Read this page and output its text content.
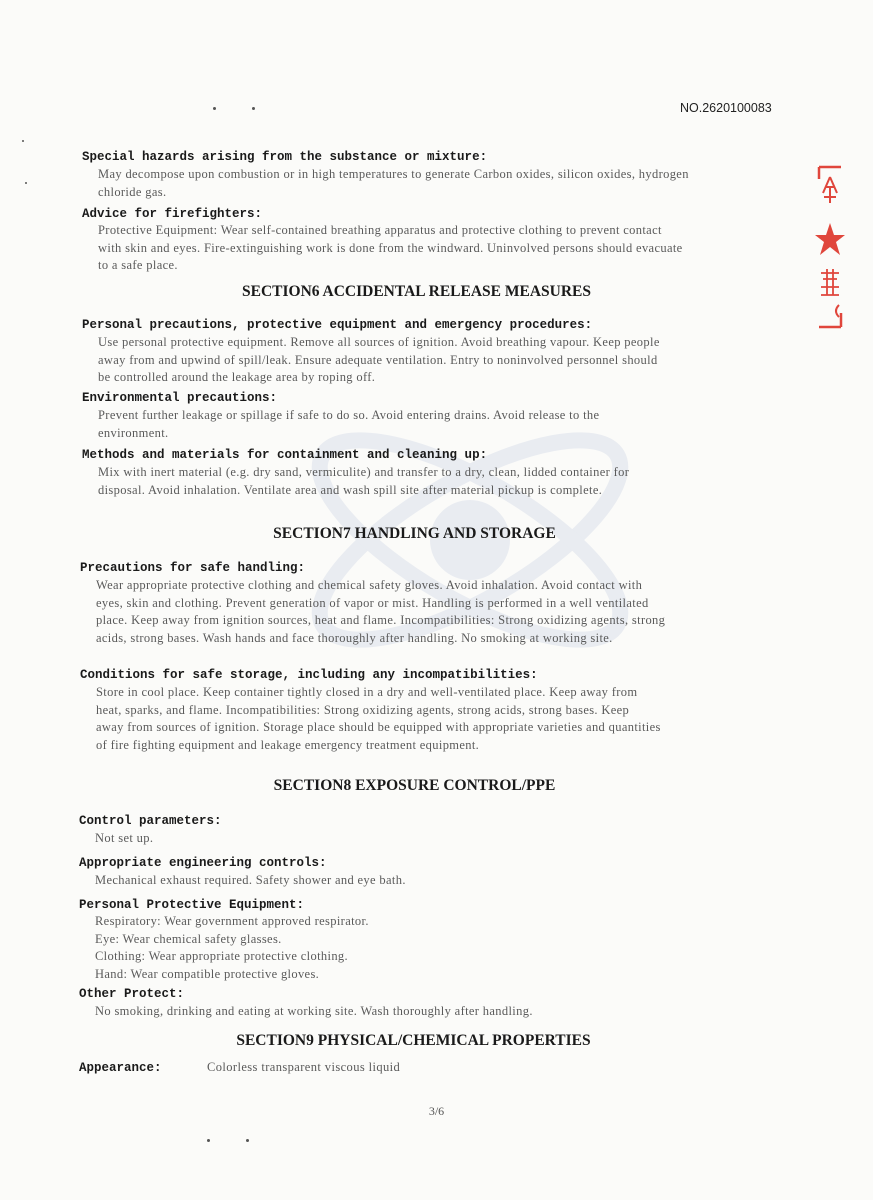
NO.2620100083
Special hazards arising from the substance or mixture:
May decompose upon combustion or in high temperatures to generate Carbon oxides, silicon oxides, hydrogen
chloride gas.
Advice for firefighters:
Protective Equipment: Wear self-contained breathing apparatus and protective clothing to prevent contact
with skin and eyes. Fire-extinguishing work is done from the windward. Uninvolved persons should evacuate
to a safe place.
SECTION6 ACCIDENTAL RELEASE MEASURES
Personal precautions, protective equipment and emergency procedures:
Use personal protective equipment. Remove all sources of ignition. Avoid breathing vapour. Keep people
away from and upwind of spill/leak. Ensure adequate ventilation. Entry to noninvolved personnel should
be controlled around the leakage area by roping off.
Environmental precautions:
Prevent further leakage or spillage if safe to do so. Avoid entering drains. Avoid release to the
environment.
Methods and materials for containment and cleaning up:
Mix with inert material (e.g. dry sand, vermiculite) and transfer to a dry, clean, lidded container for
disposal. Avoid inhalation. Ventilate area and wash spill site after material pickup is complete.
SECTION7 HANDLING AND STORAGE
Precautions for safe handling:
Wear appropriate protective clothing and chemical safety gloves. Avoid inhalation. Avoid contact with
eyes, skin and clothing. Prevent generation of vapor or mist. Handling is performed in a well ventilated
place. Keep away from ignition sources, heat and flame. Incompatibilities: Strong oxidizing agents, strong
acids, strong bases. Wash hands and face thoroughly after handling. No smoking at working site.
Conditions for safe storage, including any incompatibilities:
Store in cool place. Keep container tightly closed in a dry and well-ventilated place. Keep away from
heat, sparks, and flame. Incompatibilities: Strong oxidizing agents, strong acids, strong bases. Keep
away from sources of ignition. Storage place should be equipped with appropriate varieties and quantities
of fire fighting equipment and leakage emergency treatment equipment.
SECTION8 EXPOSURE CONTROL/PPE
Control parameters:
Not set up.
Appropriate engineering controls:
Mechanical exhaust required. Safety shower and eye bath.
Personal Protective Equipment:
Respiratory: Wear government approved respirator.
Eye: Wear chemical safety glasses.
Clothing: Wear appropriate protective clothing.
Hand: Wear compatible protective gloves.
Other Protect:
No smoking, drinking and eating at working site. Wash thoroughly after handling.
SECTION9 PHYSICAL/CHEMICAL PROPERTIES
Appearance:	Colorless transparent viscous liquid
3/6
